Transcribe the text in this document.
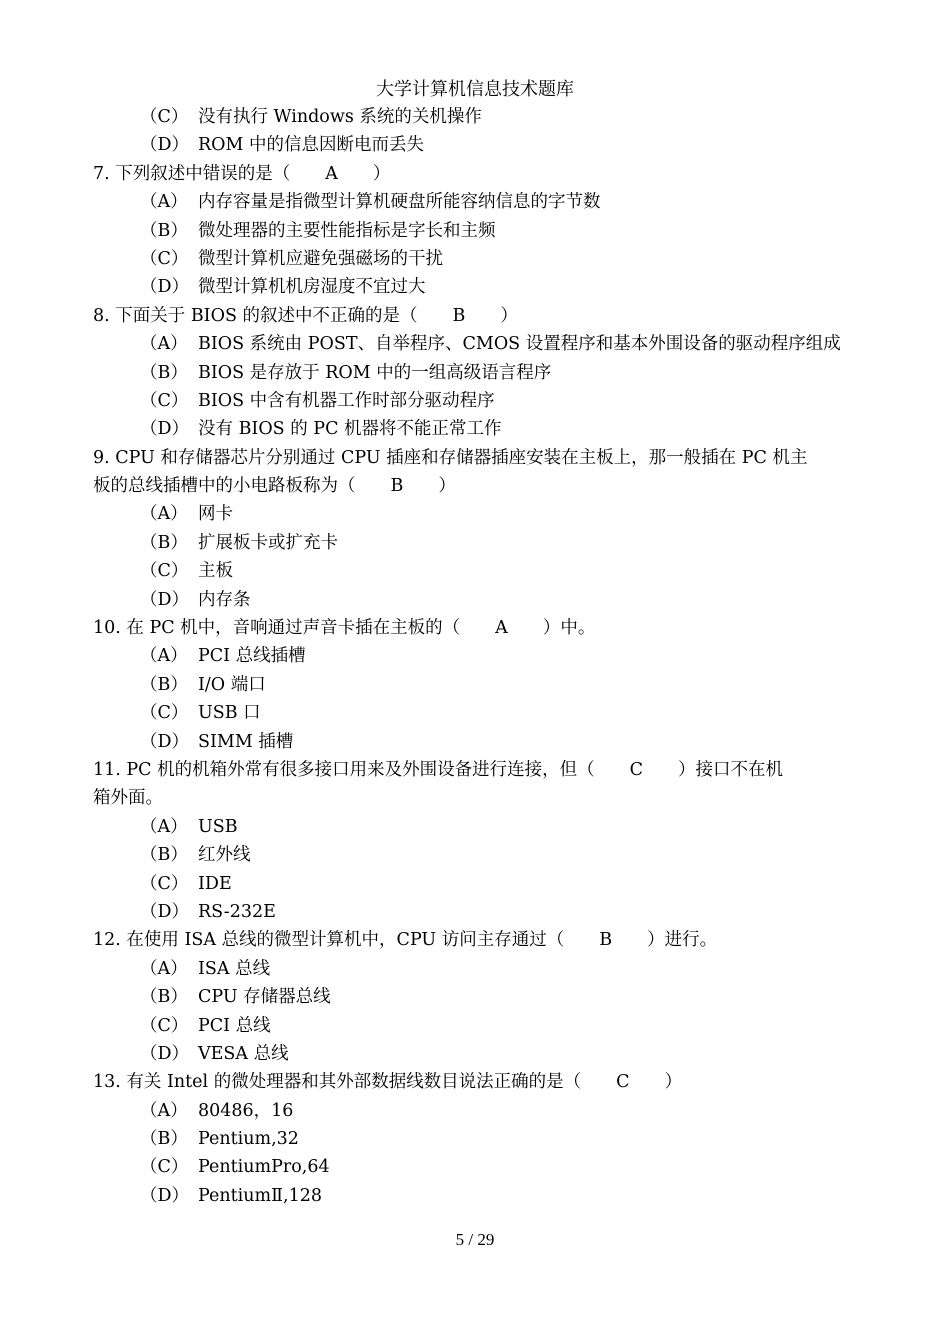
大学计算机信息技术题库
（C） 没有执行 Windows 系统的关机操作
（D） ROM 中的信息因断电而丢失
7. 下列叙述中错误的是（　　A　　）
（A） 内存容量是指微型计算机硬盘所能容纳信息的字节数
（B） 微处理器的主要性能指标是字长和主频
（C） 微型计算机应避免强磁场的干扰
（D） 微型计算机机房湿度不宜过大
8. 下面关于 BIOS 的叙述中不正确的是（　　B　　）
（A） BIOS 系统由 POST、自举程序、CMOS 设置程序和基本外围设备的驱动程序组成
（B） BIOS 是存放于 ROM 中的一组高级语言程序
（C） BIOS 中含有机器工作时部分驱动程序
（D） 没有 BIOS 的 PC 机器将不能正常工作
9. CPU 和存储器芯片分别通过 CPU 插座和存储器插座安装在主板上，那一般插在 PC 机主
板的总线插槽中的小电路板称为（　　B　　）
（A） 网卡
（B） 扩展板卡或扩充卡
（C） 主板
（D） 内存条
10. 在 PC 机中，音响通过声音卡插在主板的（　　A　　）中。
（A） PCI 总线插槽
（B） I/O 端口
（C） USB 口
（D） SIMM 插槽
11. PC 机的机箱外常有很多接口用来及外围设备进行连接，但（　　C　　）接口不在机
箱外面。
（A） USB
（B） 红外线
（C） IDE
（D） RS-232E
12. 在使用 ISA 总线的微型计算机中，CPU 访问主存通过（　　B　　）进行。
（A） ISA 总线
（B） CPU 存储器总线
（C） PCI 总线
（D） VESA 总线
13. 有关 Intel 的微处理器和其外部数据线数目说法正确的是（　　C　　）
（A） 80486，16
（B） Pentium,32
（C） PentiumPro,64
（D） PentiumⅡ,128
5 / 29
